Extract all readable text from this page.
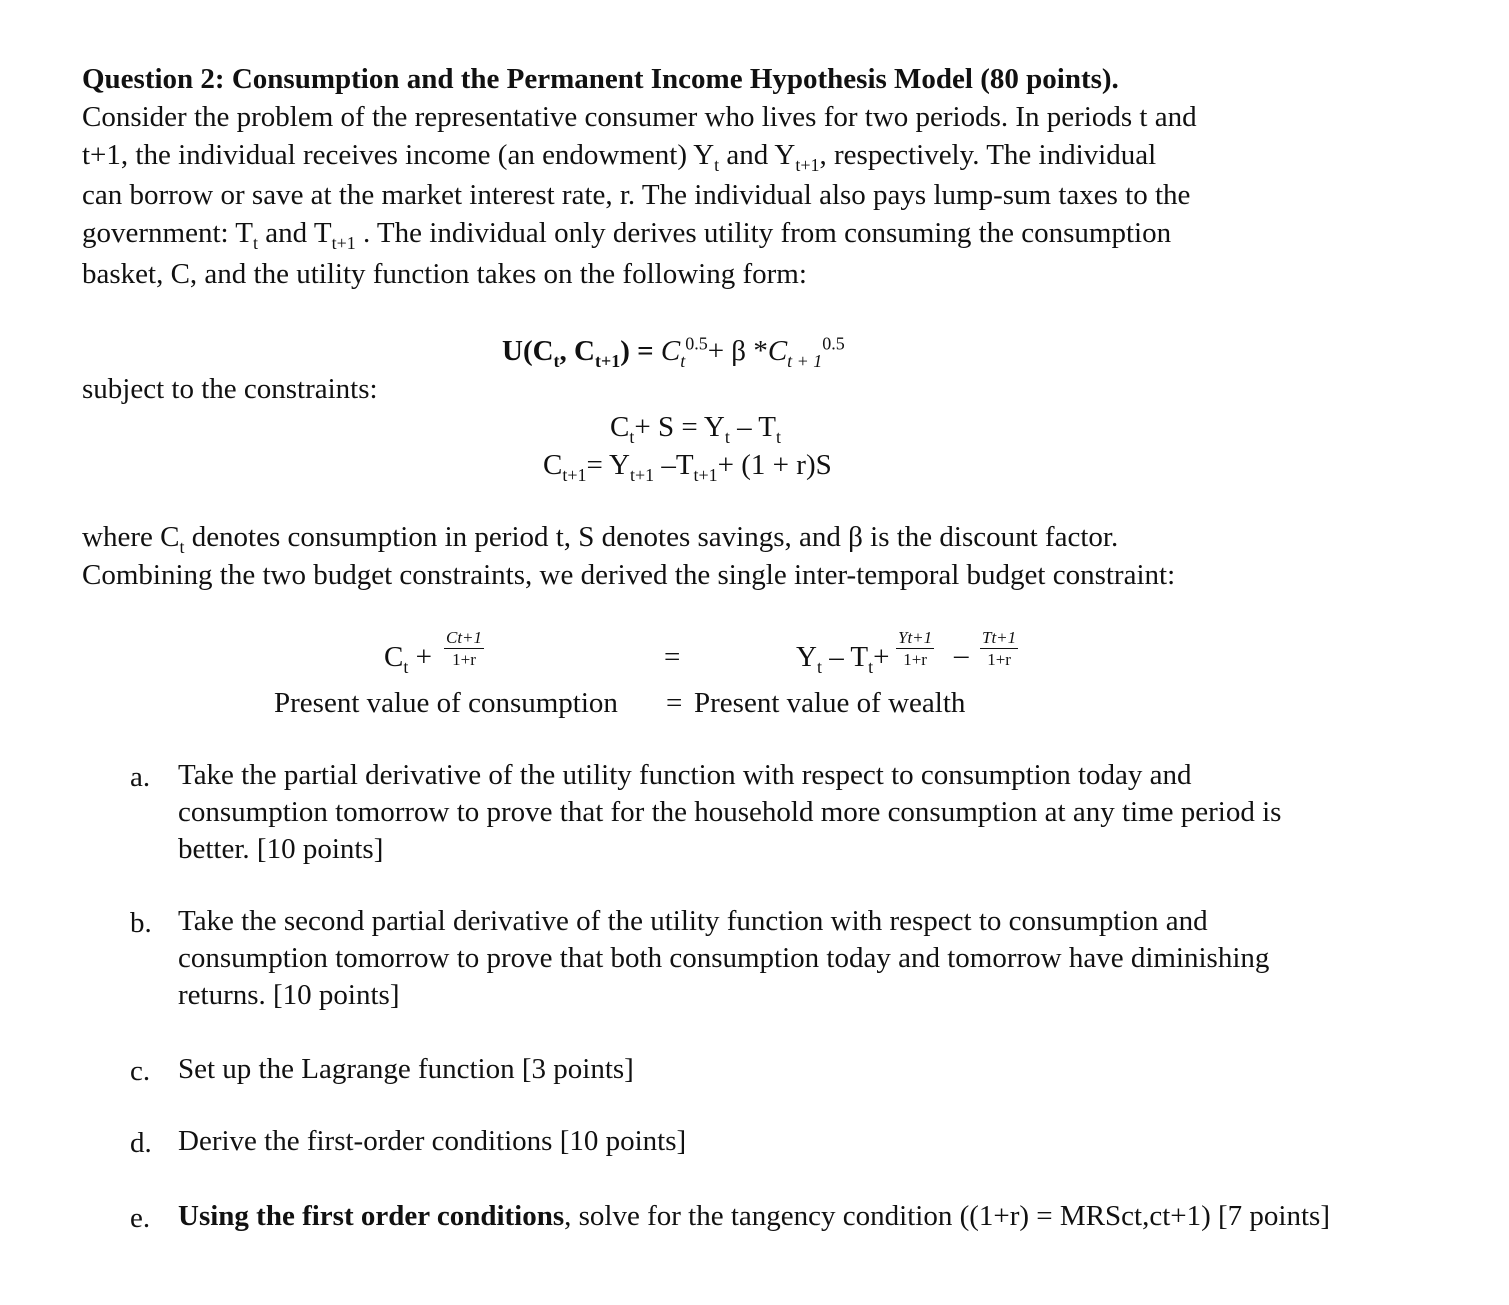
Question 2: Consumption and the Permanent Income Hypothesis Model (80 points).
Consider the problem of the representative consumer who lives for two periods. In periods t and
t+1, the individual receives income (an endowment) $Y_t$ and $Y_{t+1}$, respectively. The individual
can borrow or save at the market interest rate, r. The individual also pays lump-sum taxes to the
government: $T_t$ and $T_{t+1}$ . The individual only derives utility from consuming the consumption
basket, C, and the utility function takes on the following form:
$U(C_t$, $C_{t+1}) = C_t^{0.5}+ \beta$ $*C_{t + 1}^{0.5}$
subject to the constraints:
$C_t+ S = Y_t - T_t$
$C_{t+1}= Y_{t+1}$ $-T_{t+1}+ (1 + r)S$
where $C_t$ denotes consumption in period t, S denotes savings, and β is the discount factor.
Combining the two budget constraints, we derived the single inter-temporal budget constraint:
$C_t + \frac{Ct+1}{1+r}$	=	$Y_t - T_t+ \frac{Yt+1}{1+r} - \frac{Tt+1}{1+r}$
Present value of consumption = Present value of wealth
a. Take the partial derivative of the utility function with respect to consumption today and consumption tomorrow to prove that for the household more consumption at any time period is better. [10 points]
b. Take the second partial derivative of the utility function with respect to consumption and consumption tomorrow to prove that both consumption today and tomorrow have diminishing returns. [10 points]
c. Set up the Lagrange function [3 points]
d. Derive the first-order conditions [10 points]
e. Using the first order conditions, solve for the tangency condition ((1+r) = MRSct,ct+1) [7 points]
